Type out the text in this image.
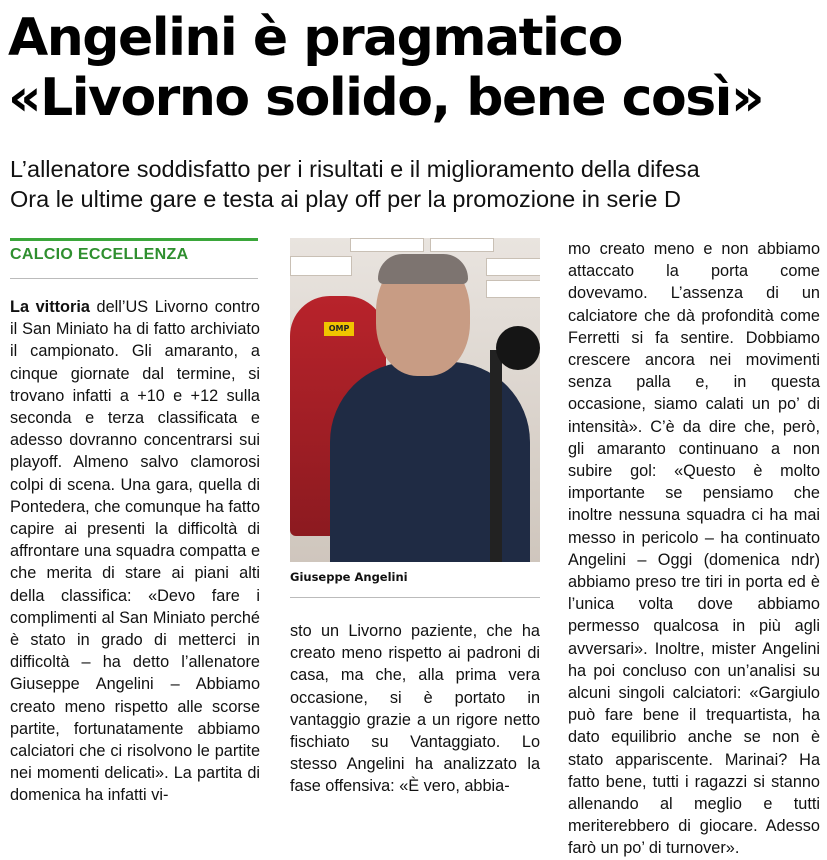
Angelini è pragmatico
«Livorno solido, bene così»

L’allenatore soddisfatto per i risultati e il miglioramento della difesa
Ora le ultime gare e testa ai play off per la promozione in serie D

CALCIO ECCELLENZA

La vittoria dell’US Livorno contro il San Miniato ha di fatto archiviato il campionato. Gli amaranto, a cinque giornate dal termine, si trovano infatti a +10 e +12 sulla seconda e terza classificata e adesso dovranno concentrarsi sui playoff. Almeno salvo clamorosi colpi di scena. Una gara, quella di Pontedera, che comunque ha fatto capire ai presenti la difficoltà di affrontare una squadra compatta e che merita di stare ai piani alti della classifica: «Devo fare i complimenti al San Miniato perché è stato in grado di metterci in difficoltà – ha detto l’allenatore Giuseppe Angelini – Abbiamo creato meno rispetto alle scorse partite, fortunatamente abbiamo calciatori che ci risolvono le partite nei momenti delicati». La partita di domenica ha infatti vi-

OMP

Giuseppe Angelini

sto un Livorno paziente, che ha creato meno rispetto ai padroni di casa, ma che, alla prima vera occasione, si è portato in vantaggio grazie a un rigore netto fischiato su Vantaggiato. Lo stesso Angelini ha analizzato la fase offensiva: «È vero, abbia-

mo creato meno e non abbiamo attaccato la porta come dovevamo. L’assenza di un calciatore che dà profondità come Ferretti si fa sentire. Dobbiamo crescere ancora nei movimenti senza palla e, in questa occasione, siamo calati un po’ di intensità». C’è da dire che, però, gli amaranto continuano a non subire gol: «Questo è molto importante se pensiamo che inoltre nessuna squadra ci ha mai messo in pericolo – ha continuato Angelini – Oggi (domenica ndr) abbiamo preso tre tiri in porta ed è l’unica volta dove abbiamo permesso qualcosa in più agli avversari». Inoltre, mister Angelini ha poi concluso con un’analisi su alcuni singoli calciatori: «Gargiulo può fare bene il trequartista, ha dato equilibrio anche se non è stato appariscente. Marinai? Ha fatto bene, tutti i ragazzi si stanno allenando al meglio e tutti meriterebbero di giocare. Adesso farò un po’ di turnover».
